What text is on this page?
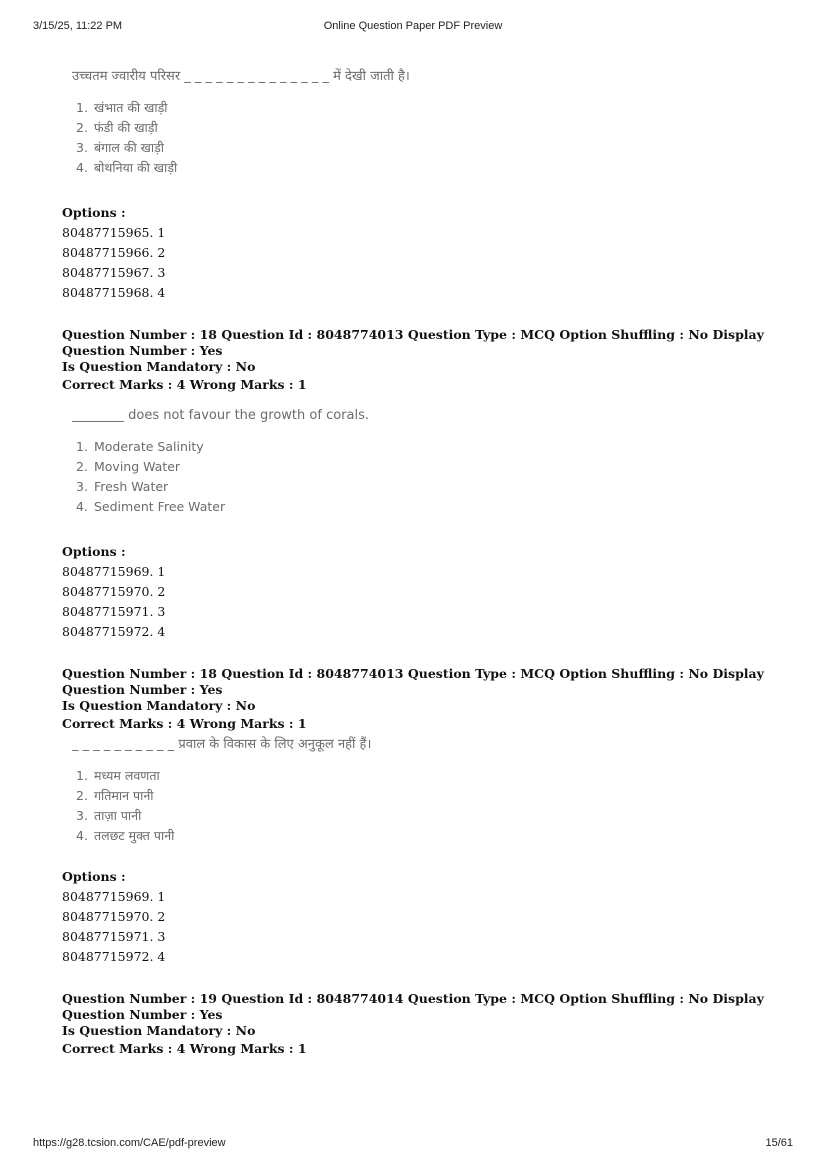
3/15/25, 11:22 PM	Online Question Paper PDF Preview
उच्चतम ज्वारीय परिसर _ _ _ _ _ _ _ _ _ _ _ _ _ _ में देखी जाती है।
1. खंभात की खाड़ी
2. फंडी की खाड़ी
3. बंगाल की खाड़ी
4. बोथनिया की खाड़ी
Options :
80487715965. 1
80487715966. 2
80487715967. 3
80487715968. 4
Question Number : 18 Question Id : 8048774013 Question Type : MCQ Option Shuffling : No Display Question Number : Yes
Is Question Mandatory : No
Correct Marks : 4 Wrong Marks : 1
________ does not favour the growth of corals.
1. Moderate Salinity
2. Moving Water
3. Fresh Water
4. Sediment Free Water
Options :
80487715969. 1
80487715970. 2
80487715971. 3
80487715972. 4
Question Number : 18 Question Id : 8048774013 Question Type : MCQ Option Shuffling : No Display Question Number : Yes
Is Question Mandatory : No
Correct Marks : 4 Wrong Marks : 1
_ _ _ _ _ _ _ _ _ _ प्रवाल के विकास के लिए अनुकूल नहीं हैं।
1. मध्यम लवणता
2. गतिमान पानी
3. ताज़ा पानी
4. तलछट मुक्त पानी
Options :
80487715969. 1
80487715970. 2
80487715971. 3
80487715972. 4
Question Number : 19 Question Id : 8048774014 Question Type : MCQ Option Shuffling : No Display Question Number : Yes
Is Question Mandatory : No
Correct Marks : 4 Wrong Marks : 1
https://g28.tcsion.com/CAE/pdf-preview	15/61
